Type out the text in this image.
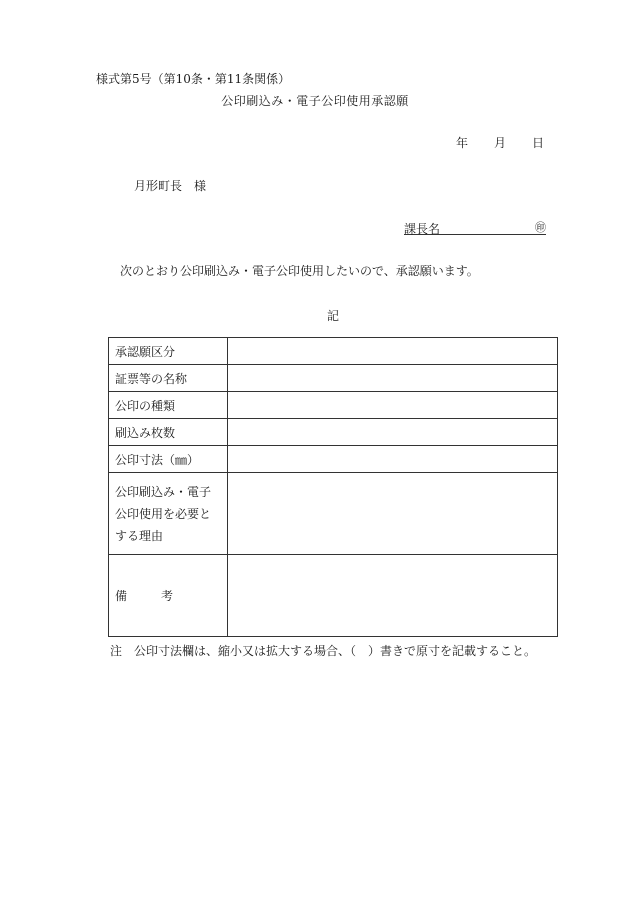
様式第5号（第10条・第11条関係）
公印刷込み・電子公印使用承認願
年 月 日
月形町長 様
課長名	㊞
次のとおり公印刷込み・電子公印使用したいので、承認願います。
記
承認願区分	
証票等の名称	
公印の種類	
刷込み枚数	
公印寸法（㎜）	
公印刷込み・電子公印使用を必要とする理由	
備 考	
注　公印寸法欄は、縮小又は拡大する場合、（　）書きで原寸を記載すること。
